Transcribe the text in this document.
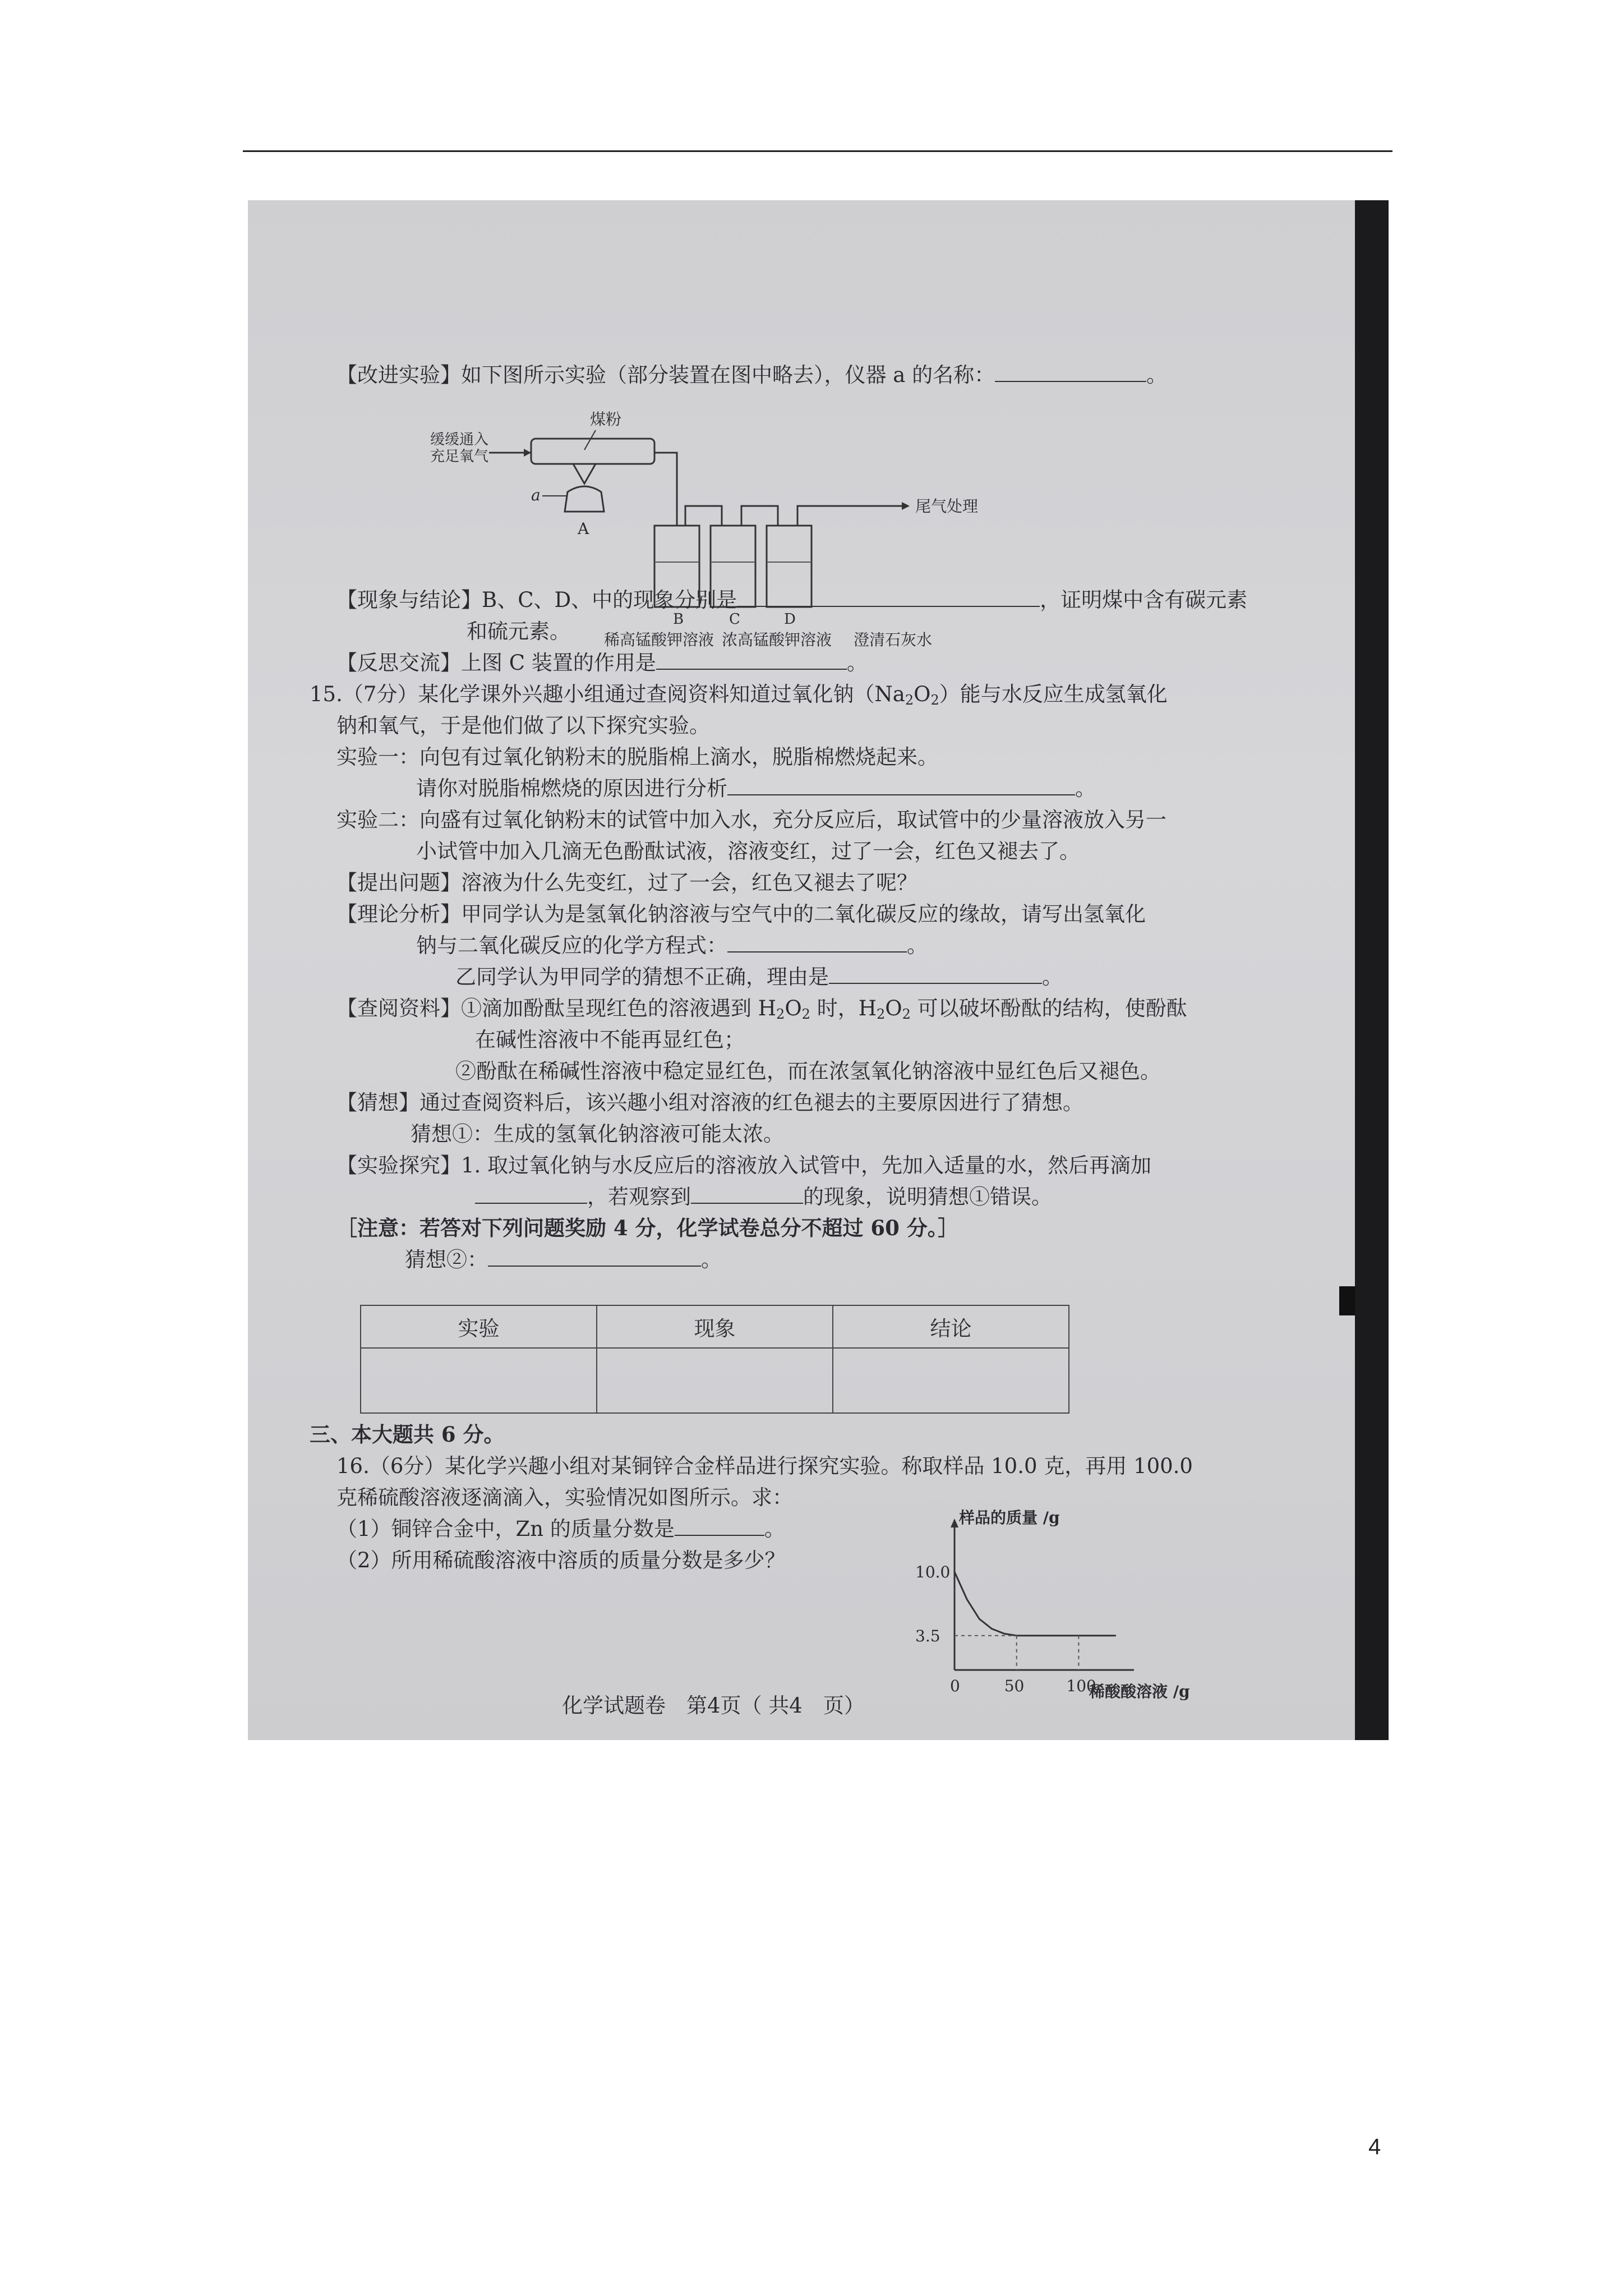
【改进实验】如下图所示实验（部分装置在图中略去），仪器 a 的名称：	。
缓缓通入
充足氧气
煤粉
a
A
尾气处理
B	C	D
稀高锰酸钾溶液 浓高锰酸钾溶液 澄清石灰水
【现象与结论】B、C、D、中的现象分别是	，证明煤中含有碳元素
和硫元素。
【反思交流】上图 C 装置的作用是	。
15.（7分）某化学课外兴趣小组通过查阅资料知道过氧化钠$(Na_2O_2)$能与水反应生成氢氧化
钠和氧气，于是他们做了以下探究实验。
实验一：向包有过氧化钠粉末的脱脂棉上滴水，脱脂棉燃烧起来。
请你对脱脂棉燃烧的原因进行分析	。
实验二：向盛有过氧化钠粉末的试管中加入水，充分反应后，取试管中的少量溶液放入另一
小试管中加入几滴无色酚酞试液，溶液变红，过了一会，红色又褪去了。
【提出问题】溶液为什么先变红，过了一会，红色又褪去了呢？
【理论分析】甲同学认为是氢氧化钠溶液与空气中的二氧化碳反应的缘故，请写出氢氧化
钠与二氧化碳反应的化学方程式：	。
乙同学认为甲同学的猜想不正确，理由是	。
【查阅资料】①滴加酚酞呈现红色的溶液遇到 $H_2O_2$ 时，$H_2O_2$ 可以破坏酚酞的结构，使酚酞
在碱性溶液中不能再显红色；
②酚酞在稀碱性溶液中稳定显红色，而在浓氢氧化钠溶液中显红色后又褪色。
【猜想】通过查阅资料后，该兴趣小组对溶液的红色褪去的主要原因进行了猜想。
猜想①：生成的氢氧化钠溶液可能太浓。
【实验探究】1. 取过氧化钠与水反应后的溶液放入试管中，先加入适量的水，然后再滴加
，若观察到	的现象，说明猜想①错误。
［注意：若答对下列问题奖励 4 分，化学试卷总分不超过 60 分。］
猜想②：	。
实验	现象	结论

三、本大题共 6 分。
16.（6分）某化学兴趣小组对某铜锌合金样品进行探究实验。称取样品 10.0 克，再用 100.0
克稀硫酸溶液逐滴滴入，实验情况如图所示。求：
（1）铜锌合金中，Zn 的质量分数是	。
（2）所用稀硫酸溶液中溶质的质量分数是多少？
样品的质量 /g
稀酸酸溶液 /g
10.0
3.5
0	50	100
化学试题卷　第4页（ 共4　页）
4
